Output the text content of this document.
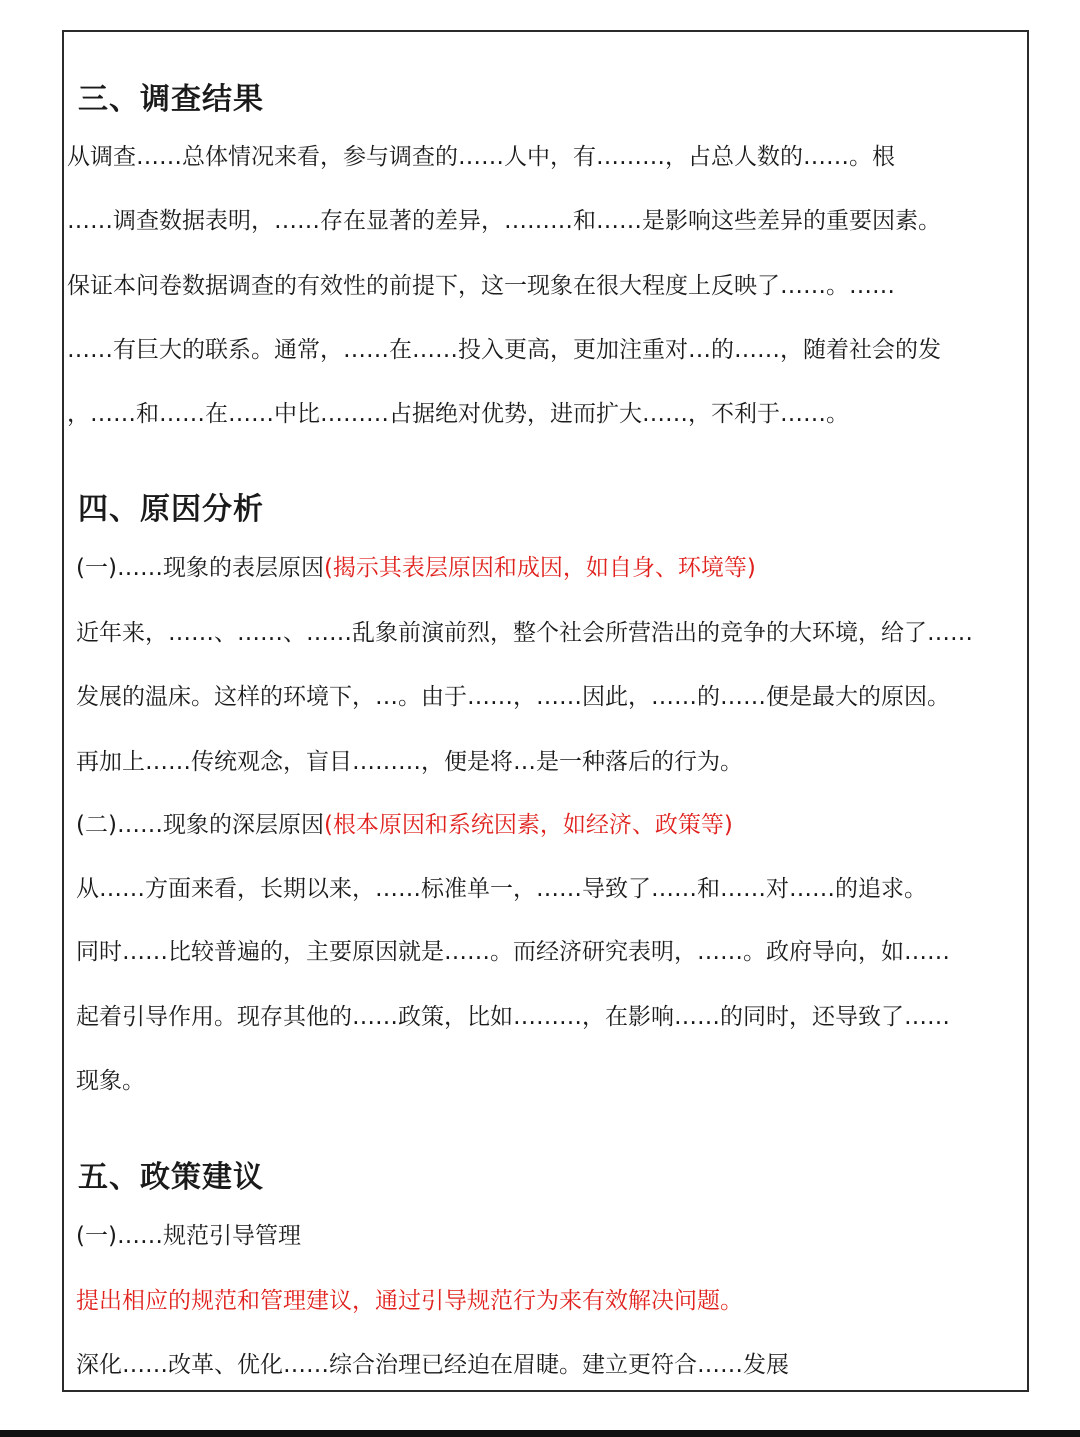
三、调查结果
从调查……总体情况来看，参与调查的……人中，有………，占总人数的……。根
……调查数据表明，……存在显著的差异，………和……是影响这些差异的重要因素。
保证本问卷数据调查的有效性的前提下，这一现象在很大程度上反映了……。……
……有巨大的联系。通常，……在……投入更高，更加注重对…的……，随着社会的发
，……和……在……中比………占据绝对优势，进而扩大……，不利于……。
四、原因分析
(一)……现象的表层原因(揭示其表层原因和成因，如自身、环境等)
近年来，……、……、……乱象前演前烈，整个社会所营浩出的竞争的大环境，给了……
发展的温床。这样的环境下，…。由于……，……因此，……的……便是最大的原因。
再加上……传统观念，盲目………，便是将…是一种落后的行为。
(二)……现象的深层原因(根本原因和系统因素，如经济、政策等)
从……方面来看，长期以来，……标准单一，……导致了……和……对……的追求。
同时……比较普遍的，主要原因就是……。而经济研究表明，……。政府导向，如……
起着引导作用。现存其他的……政策，比如………，在影响……的同时，还导致了……
现象。
五、政策建议
(一)……规范引导管理
提出相应的规范和管理建议，通过引导规范行为来有效解决问题。
深化……改革、优化……综合治理已经迫在眉睫。建立更符合……发展
